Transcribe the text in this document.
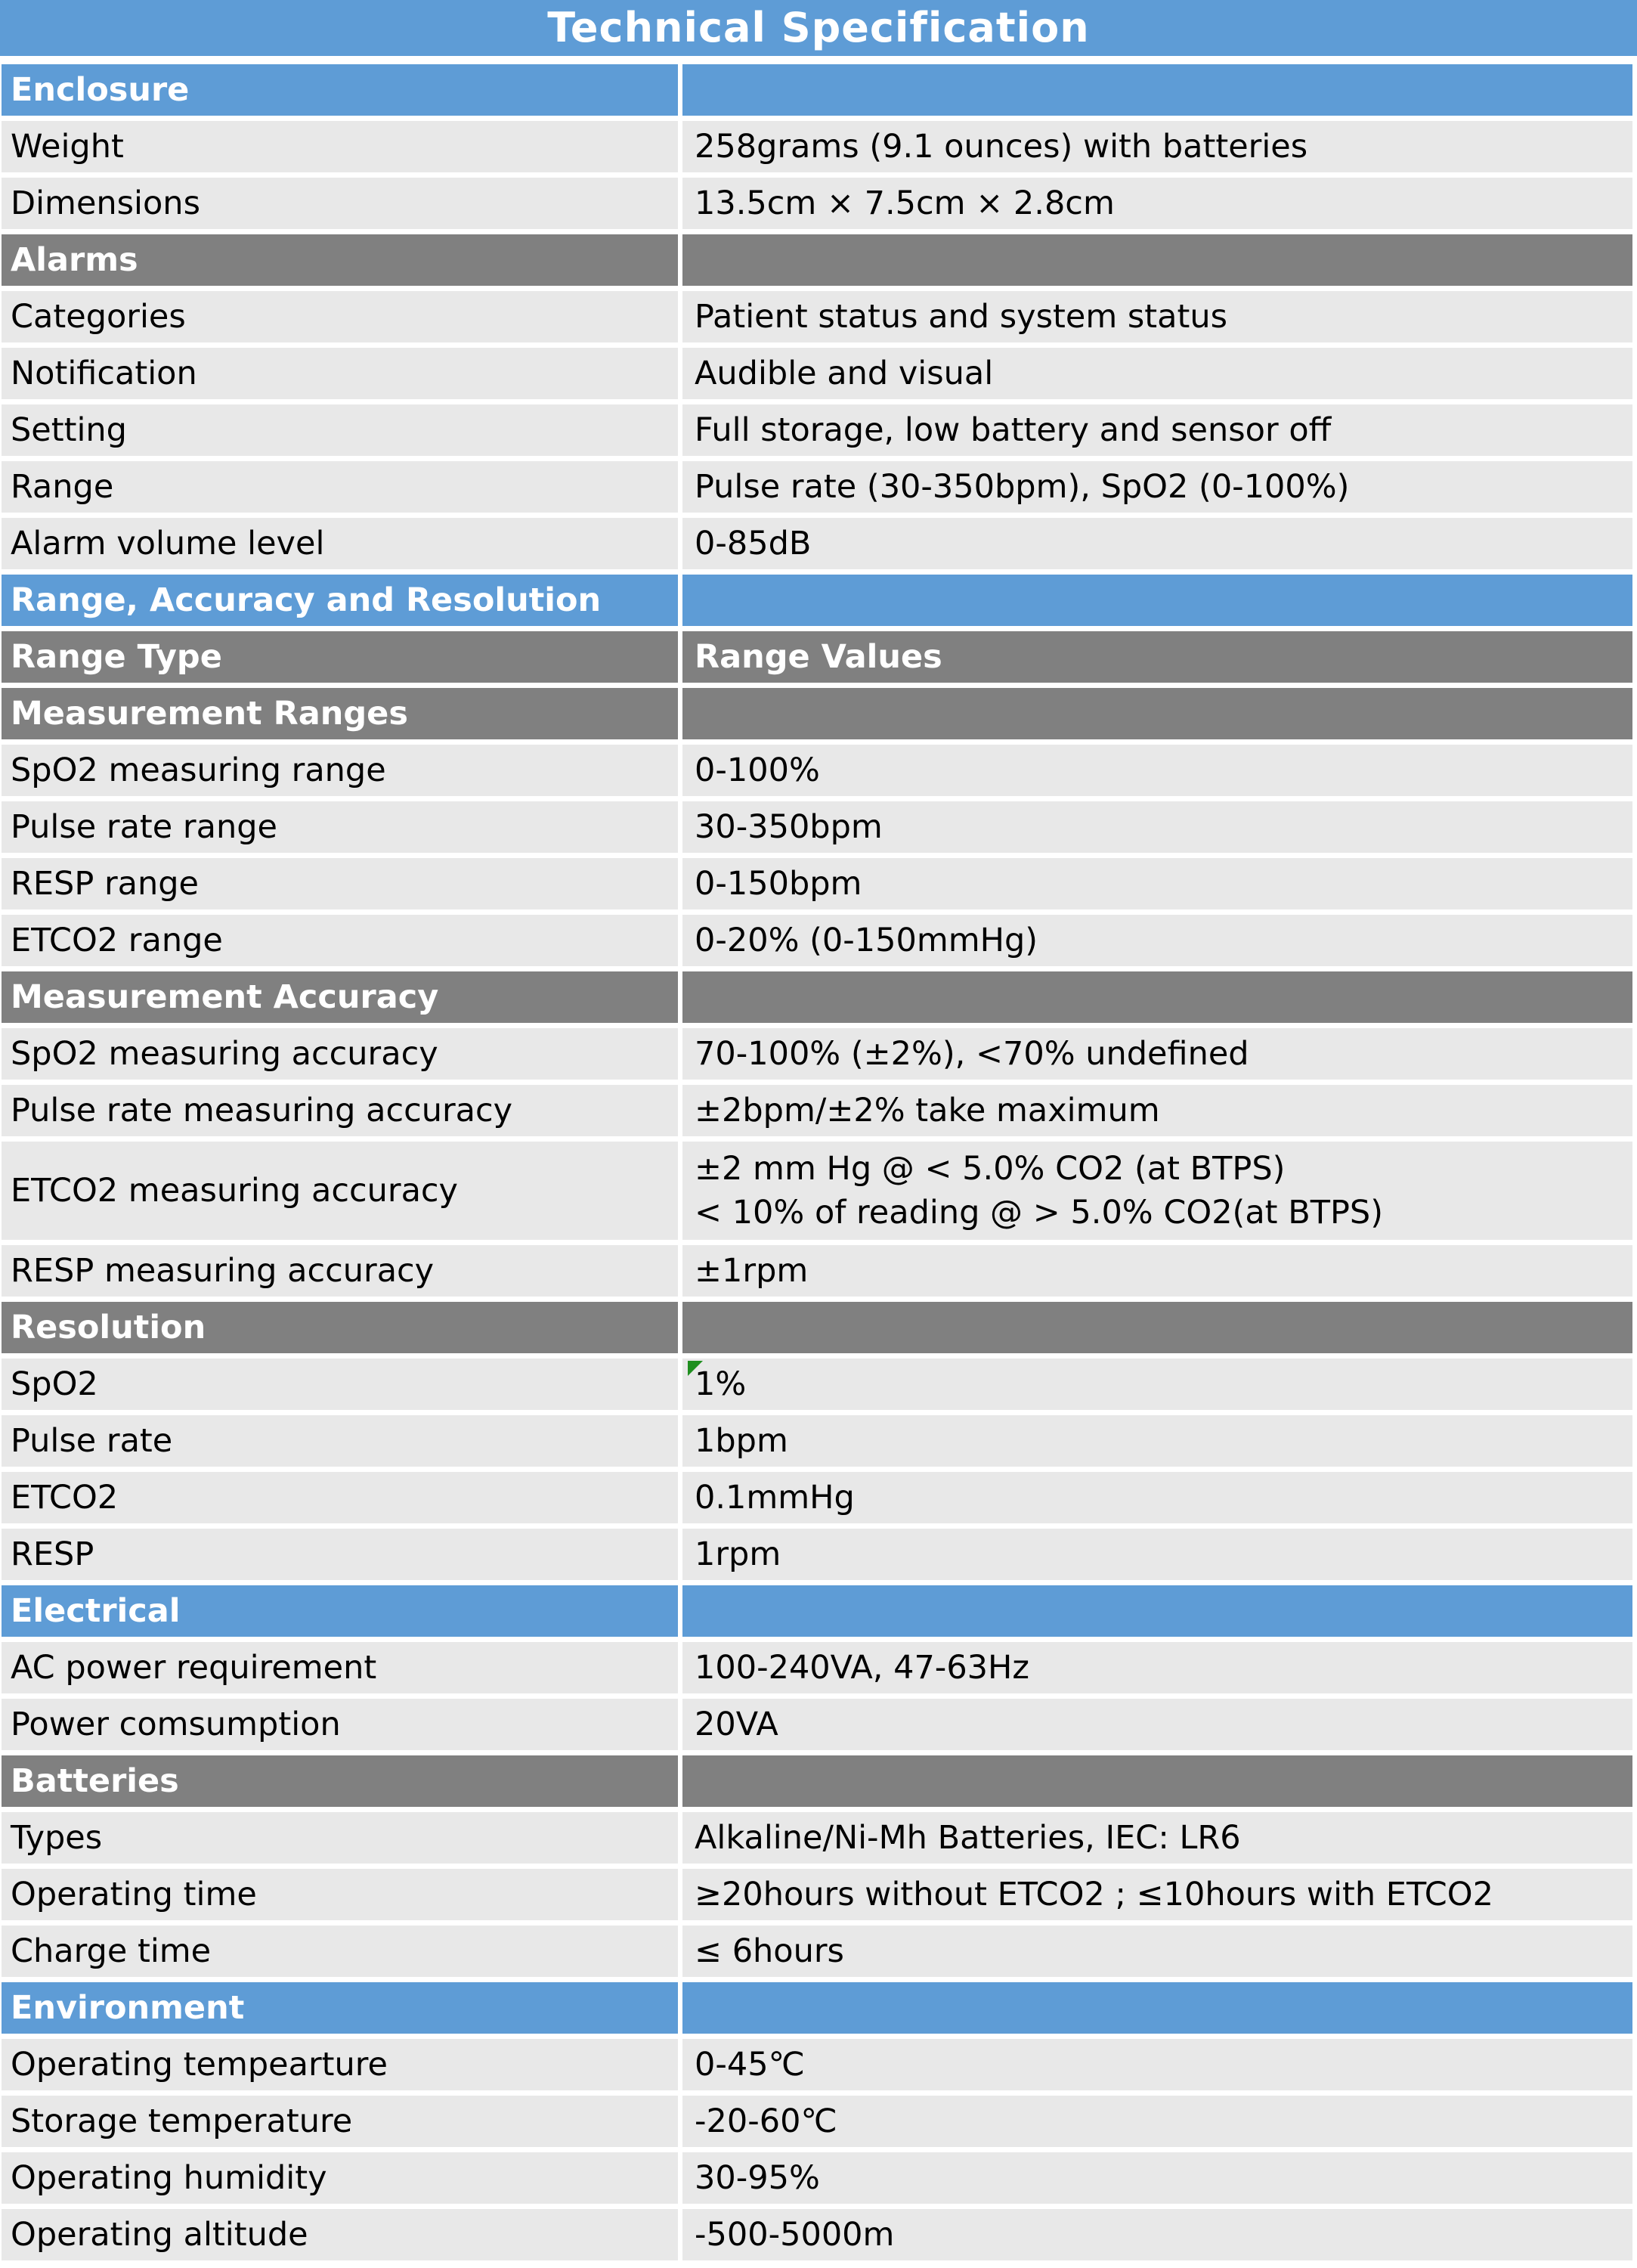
Technical Specification
Enclosure	
Weight	258grams (9.1 ounces) with batteries
Dimensions	13.5cm × 7.5cm × 2.8cm
Alarms	
Categories	Patient status and system status
Notification	Audible and visual
Setting	Full storage, low battery and sensor off
Range	Pulse rate (30-350bpm), SpO2 (0-100%)
Alarm volume level	0-85dB
Range, Accuracy and Resolution	
Range Type	Range Values
Measurement Ranges	
SpO2 measuring range	0-100%
Pulse rate range	30-350bpm
RESP range	0-150bpm
ETCO2 range	0-20% (0-150mmHg)
Measurement Accuracy	
SpO2 measuring accuracy	70-100% (±2%), <70% undefined
Pulse rate measuring accuracy	±2bpm/±2% take maximum
ETCO2 measuring accuracy	±2 mm Hg @ < 5.0% CO2 (at BTPS)
< 10% of reading @ > 5.0% CO2(at BTPS)

RESP measuring accuracy	±1rpm
Resolution	
SpO2	1%
Pulse rate	1bpm
ETCO2	0.1mmHg
RESP	1rpm
Electrical	
AC power requirement	100-240VA, 47-63Hz
Power comsumption	20VA
Batteries	
Types	Alkaline/Ni-Mh Batteries, IEC: LR6
Operating time	≥20hours without ETCO2 ; ≤10hours with ETCO2
Charge time	≤ 6hours
Environment	
Operating tempearture	0-45℃
Storage temperature	-20-60℃
Operating humidity	30-95%
Operating altitude	-500-5000m
